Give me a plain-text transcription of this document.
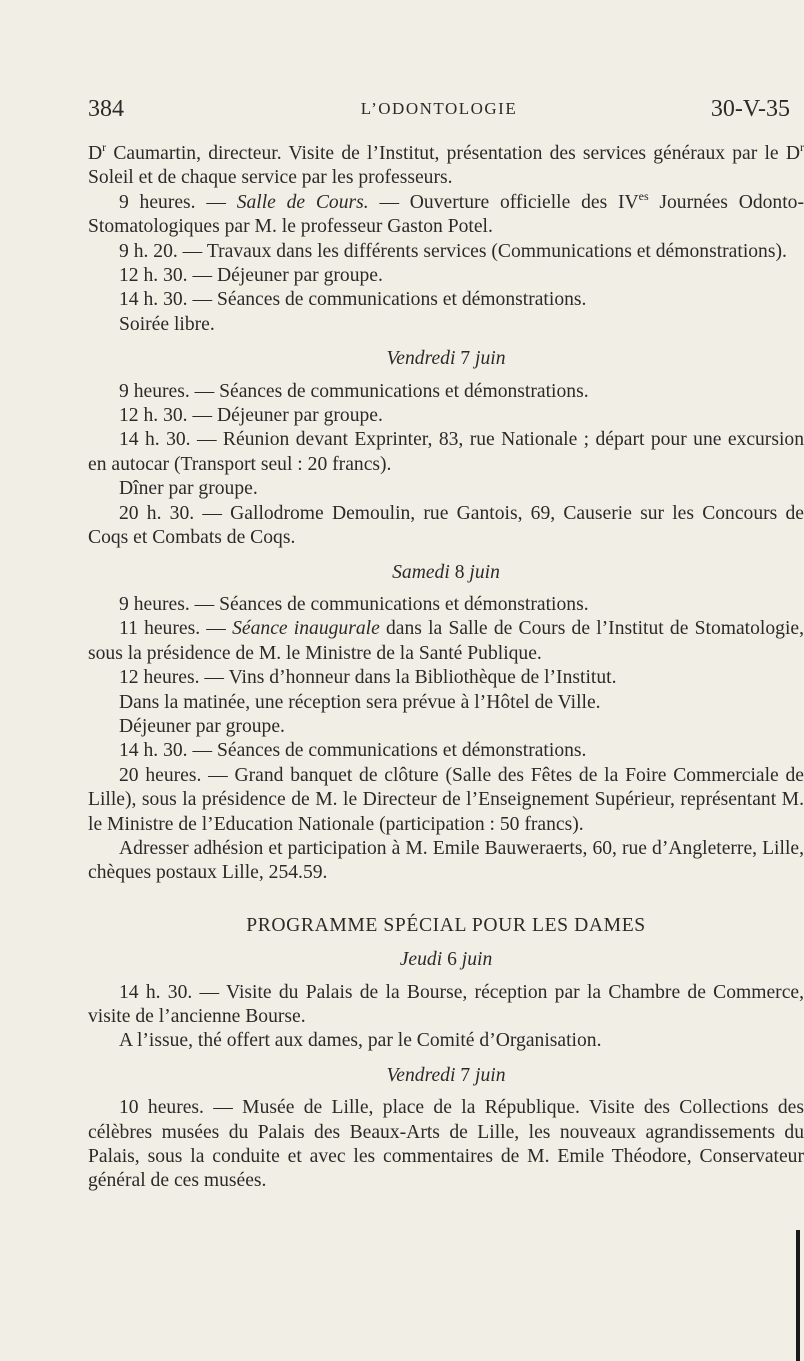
384	L’ODONTOLOGIE	30-V-35

$D^r$ Caumartin, directeur. Visite de l’Institut, présentation des services généraux par le $D^r$ Soleil et de chaque service par les professeurs.

9 heures. — Salle de Cours. — Ouverture officielle des $IV^{es}$ Journées Odonto-Stomatologiques par M. le professeur Gaston Potel.

9 h. 20. — Travaux dans les différents services (Communications et démonstrations).

12 h. 30. — Déjeuner par groupe.

14 h. 30. — Séances de communications et démonstrations.

Soirée libre.

Vendredi 7 juin

9 heures. — Séances de communications et démonstrations.

12 h. 30. — Déjeuner par groupe.

14 h. 30. — Réunion devant Exprinter, 83, rue Nationale ; départ pour une excursion en autocar (Transport seul : 20 francs).

Dîner par groupe.

20 h. 30. — Gallodrome Demoulin, rue Gantois, 69, Causerie sur les Concours de Coqs et Combats de Coqs.

Samedi 8 juin

9 heures. — Séances de communications et démonstrations.

11 heures. — Séance inaugurale dans la Salle de Cours de l’Institut de Stomatologie, sous la présidence de M. le Ministre de la Santé Publique.

12 heures. — Vins d’honneur dans la Bibliothèque de l’Institut.

Dans la matinée, une réception sera prévue à l’Hôtel de Ville.

Déjeuner par groupe.

14 h. 30. — Séances de communications et démonstrations.

20 heures. — Grand banquet de clôture (Salle des Fêtes de la Foire Commerciale de Lille), sous la présidence de M. le Directeur de l’Enseignement Supérieur, représentant M. le Ministre de l’Education Nationale (participation : 50 francs).

Adresser adhésion et participation à M. Emile Bauweraerts, 60, rue d’Angleterre, Lille, chèques postaux Lille, 254.59.

PROGRAMME SPÉCIAL POUR LES DAMES
Jeudi 6 juin

14 h. 30. — Visite du Palais de la Bourse, réception par la Chambre de Commerce, visite de l’ancienne Bourse.

A l’issue, thé offert aux dames, par le Comité d’Organisation.

Vendredi 7 juin

10 heures. — Musée de Lille, place de la République. Visite des Collections des célèbres musées du Palais des Beaux-Arts de Lille, les nouveaux agrandissements du Palais, sous la conduite et avec les commentaires de M. Emile Théodore, Conservateur général de ces musées.
